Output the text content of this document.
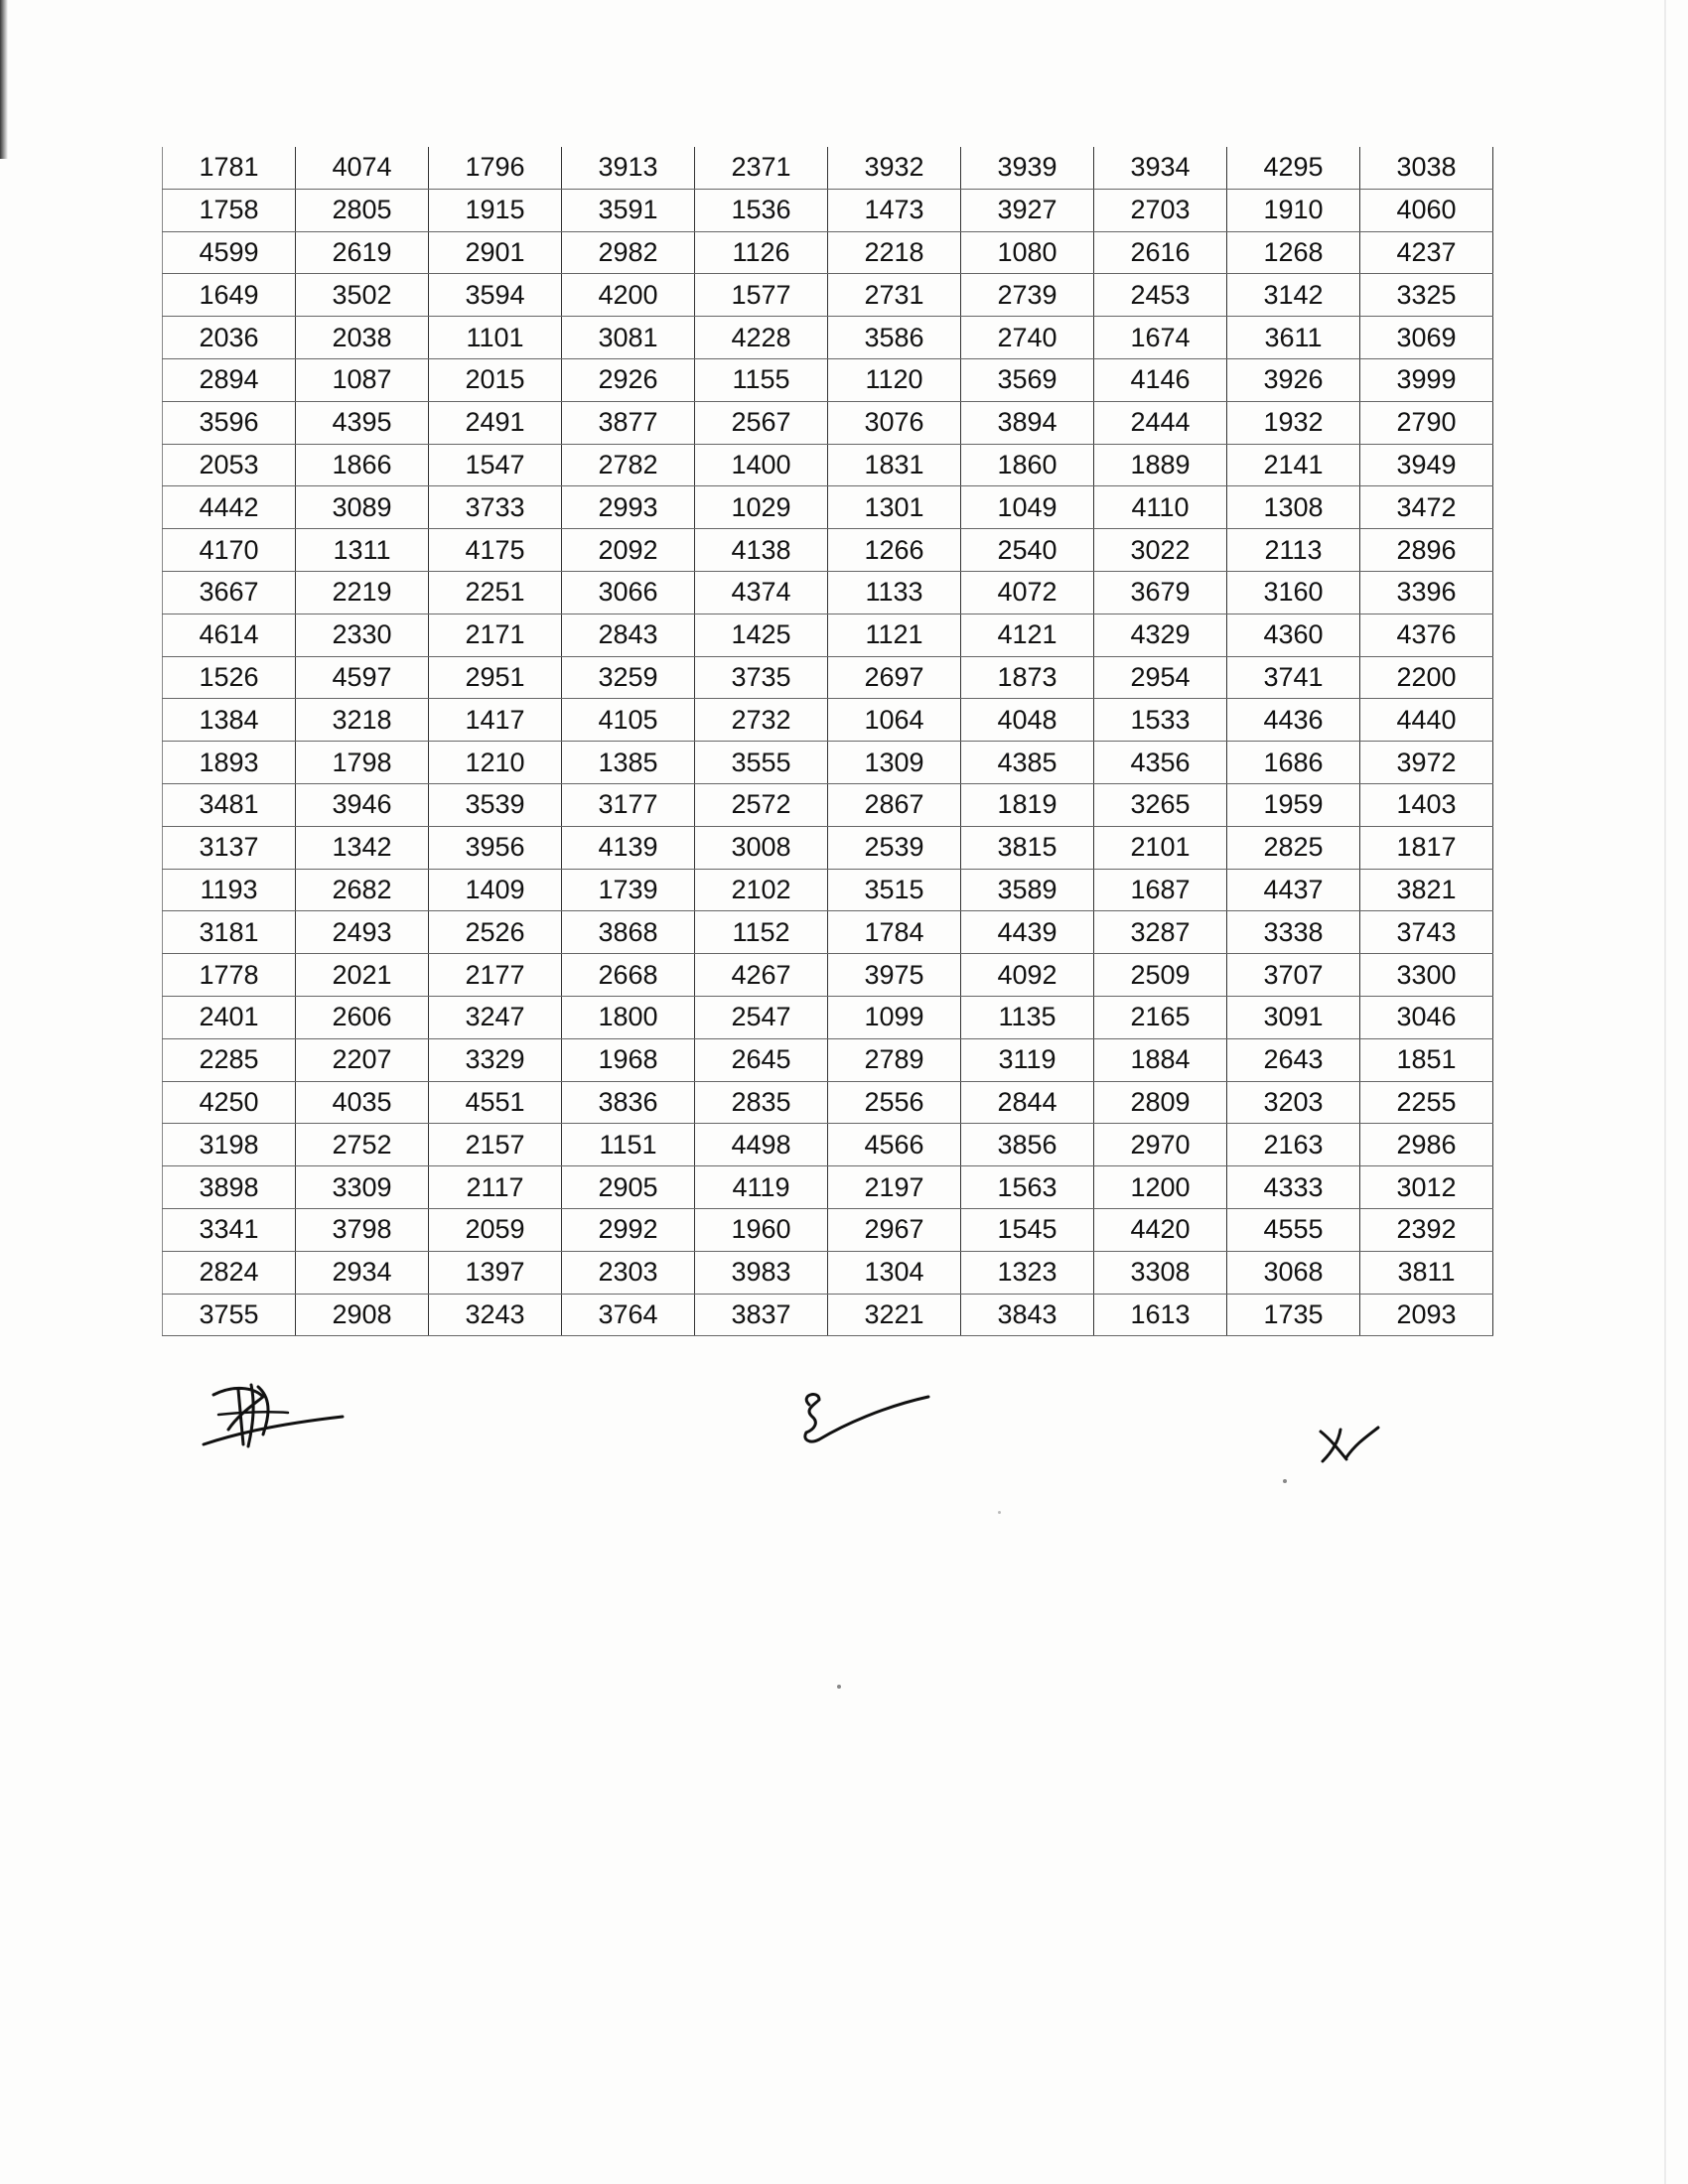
1781	4074	1796	3913	2371	3932	3939	3934	4295	3038
1758	2805	1915	3591	1536	1473	3927	2703	1910	4060
4599	2619	2901	2982	1126	2218	1080	2616	1268	4237
1649	3502	3594	4200	1577	2731	2739	2453	3142	3325
2036	2038	1101	3081	4228	3586	2740	1674	3611	3069
2894	1087	2015	2926	1155	1120	3569	4146	3926	3999
3596	4395	2491	3877	2567	3076	3894	2444	1932	2790
2053	1866	1547	2782	1400	1831	1860	1889	2141	3949
4442	3089	3733	2993	1029	1301	1049	4110	1308	3472
4170	1311	4175	2092	4138	1266	2540	3022	2113	2896
3667	2219	2251	3066	4374	1133	4072	3679	3160	3396
4614	2330	2171	2843	1425	1121	4121	4329	4360	4376
1526	4597	2951	3259	3735	2697	1873	2954	3741	2200
1384	3218	1417	4105	2732	1064	4048	1533	4436	4440
1893	1798	1210	1385	3555	1309	4385	4356	1686	3972
3481	3946	3539	3177	2572	2867	1819	3265	1959	1403
3137	1342	3956	4139	3008	2539	3815	2101	2825	1817
1193	2682	1409	1739	2102	3515	3589	1687	4437	3821
3181	2493	2526	3868	1152	1784	4439	3287	3338	3743
1778	2021	2177	2668	4267	3975	4092	2509	3707	3300
2401	2606	3247	1800	2547	1099	1135	2165	3091	3046
2285	2207	3329	1968	2645	2789	3119	1884	2643	1851
4250	4035	4551	3836	2835	2556	2844	2809	3203	2255
3198	2752	2157	1151	4498	4566	3856	2970	2163	2986
3898	3309	2117	2905	4119	2197	1563	1200	4333	3012
3341	3798	2059	2992	1960	2967	1545	4420	4555	2392
2824	2934	1397	2303	3983	1304	1323	3308	3068	3811
3755	2908	3243	3764	3837	3221	3843	1613	1735	2093
